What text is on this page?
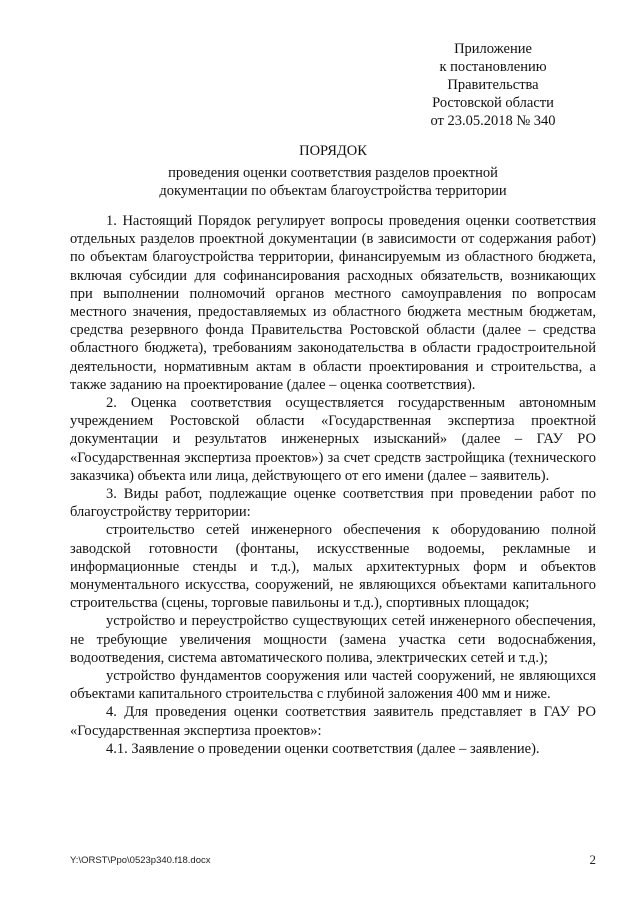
Приложение
к постановлению
Правительства
Ростовской области
от 23.05.2018 № 340
ПОРЯДОК
проведения оценки соответствия разделов проектной
документации по объектам благоустройства территории

1. Настоящий Порядок регулирует вопросы проведения оценки соответствия отдельных разделов проектной документации (в зависимости от содержания работ) по объектам благоустройства территории, финансируемым из областного бюджета, включая субсидии для софинансирования расходных обязательств, возникающих при выполнении полномочий органов местного самоуправления по вопросам местного значения, предоставляемых из областного бюджета местным бюджетам, средства резервного фонда Правительства Ростовской области (далее – средства областного бюджета), требованиям законодательства в области градостроительной деятельности, нормативным актам в области проектирования и строительства, а также заданию на проектирование (далее – оценка соответствия).

2. Оценка соответствия осуществляется государственным автономным учреждением Ростовской области «Государственная экспертиза проектной документации и результатов инженерных изысканий» (далее – ГАУ РО «Государственная экспертиза проектов») за счет средств застройщика (технического заказчика) объекта или лица, действующего от его имени (далее – заявитель).

3. Виды работ, подлежащие оценке соответствия при проведении работ по благоустройству территории:

строительство сетей инженерного обеспечения к оборудованию полной заводской готовности (фонтаны, искусственные водоемы, рекламные и информационные стенды и т.д.), малых архитектурных форм и объектов монументального искусства, сооружений, не являющихся объектами капитального строительства (сцены, торговые павильоны и т.д.), спортивных площадок;

устройство и переустройство существующих сетей инженерного обеспечения, не требующие увеличения мощности (замена участка сети водоснабжения, водоотведения, система автоматического полива, электрических сетей и т.д.);

устройство фундаментов сооружения или частей сооружений, не являющихся объектами капитального строительства с глубиной заложения 400 мм и ниже.

4. Для проведения оценки соответствия заявитель представляет в ГАУ РО «Государственная экспертиза проектов»:

4.1. Заявление о проведении оценки соответствия (далее – заявление).

Y:\ORST\Ppo\0523p340.f18.docx	2
